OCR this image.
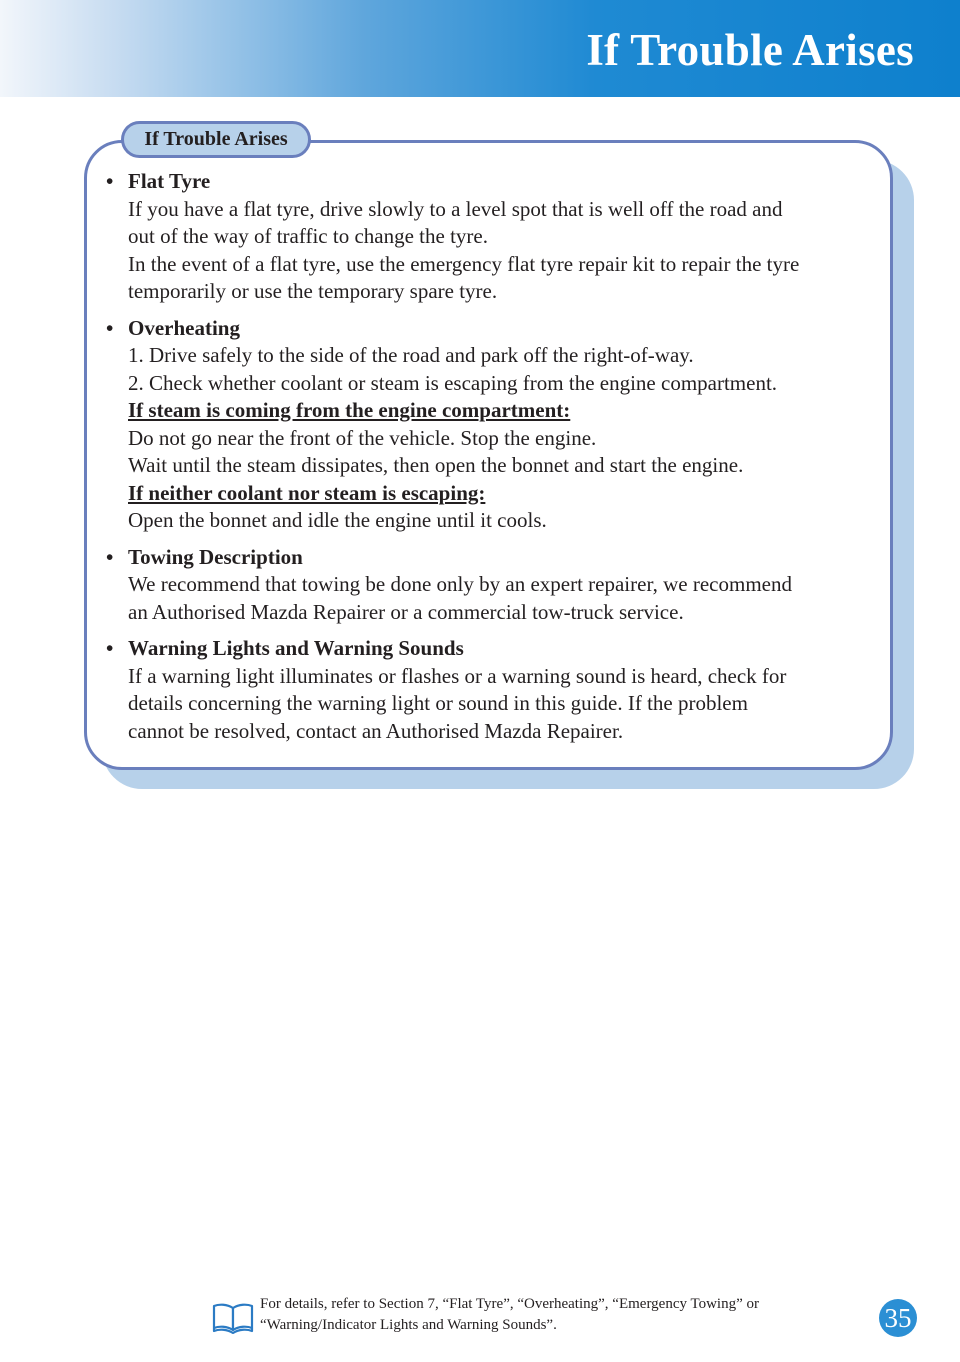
If Trouble Arises
If Trouble Arises
• Flat Tyre
If you have a flat tyre, drive slowly to a level spot that is well off the road and
out of the way of traffic to change the tyre.
In the event of a flat tyre, use the emergency flat tyre repair kit to repair the tyre
temporarily or use the temporary spare tyre.
• Overheating
1. Drive safely to the side of the road and park off the right-of-way.
2. Check whether coolant or steam is escaping from the engine compartment.
If steam is coming from the engine compartment:
Do not go near the front of the vehicle. Stop the engine.
Wait until the steam dissipates, then open the bonnet and start the engine.
If neither coolant nor steam is escaping:
Open the bonnet and idle the engine until it cools.
• Towing Description
We recommend that towing be done only by an expert repairer, we recommend
an Authorised Mazda Repairer or a commercial tow-truck service.
• Warning Lights and Warning Sounds
If a warning light illuminates or flashes or a warning sound is heard, check for
details concerning the warning light or sound in this guide. If the problem
cannot be resolved, contact an Authorised Mazda Repairer.
For details, refer to Section 7, “Flat Tyre”, “Overheating”, “Emergency Towing” or
“Warning/Indicator Lights and Warning Sounds”.	35
